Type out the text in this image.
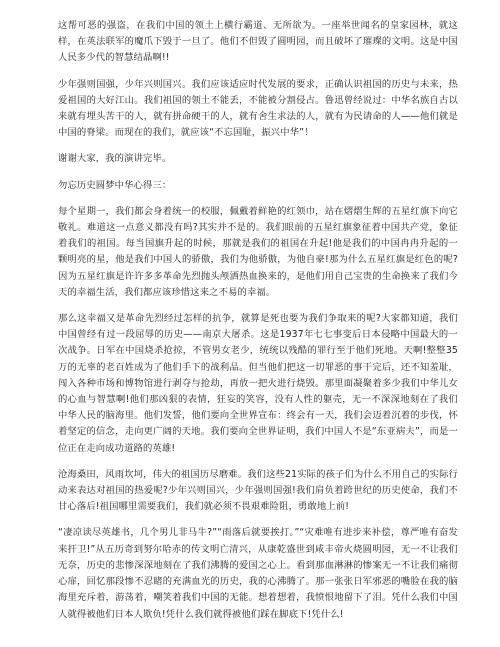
这帮可恶的强盗，在我们中国的领土上横行霸道、无所欲为。一座举世闻名的皇家园林，就这样，在英法联军的魔爪下毁于一旦了。他们不但毁了圆明园，而且破坏了璀璨的文明。这是中国人民多少代的智慧结晶啊!!

少年强则国强，少年兴则国兴。我们应该适应时代发展的要求，正确认识祖国的历史与未来，热爱祖国的大好江山。我们祖国的领土不能丢，不能被分割侵占。鲁迅曾经说过：中华名族自古以来就有埋头苦干的人，就有拼命硬干的人，就有舍生求法的人，就有为民请命的人——他们就是中国的脊梁。而现在的我们，就应该“不忘国耻，振兴中华”！

谢谢大家，我的演讲完毕。

勿忘历史圆梦中华心得三：

每个星期一，我们都会身着统一的校服，佩戴着鲜艳的红领巾，站在熠熠生辉的五星红旗下向它敬礼。难道这一点意义都没有吗?其实并不是的。我们眼前的五星红旗象征着中国共产党，象征着我们的祖国。每当国旗升起的时候，那就是我们的祖国在升起!他是我们的中国冉冉升起的一颗明亮的星，他是我们中国人的骄傲，我们为他骄傲，为他自豪!那为什么五星红旗是红色的呢?因为五星红旗是许许多多革命先烈抛头颅洒热血换来的，是他们用自己宝贵的生命换来了我们今天的幸福生活，我们都应该珍惜这来之不易的幸福。

那么这幸福又是革命先烈经过怎样的抗争，就算是死也要为我们争取来的呢?大家都知道，我们中国曾经有过一段屈辱的历史——南京大屠杀。这是1937年七七事变后日本侵略中国最大的一次战争。日军在中国烧杀抢掠，不管男女老少，统统以残酷的罪行至于他们死地。天啊!整整35万的无辜的老百姓成为了他们手下的战利品。但当他们把这一切罪恶的事干完后，还不知羞耻，闯入各种市场和博物馆进行剥夺与抢劫，再放一把火进行烧毁。那里面凝聚着多少我们中华儿女的心血与智慧啊!他们那凶狠的表情，狂妄的笑容，没有人性的躯壳，无一不深深地刻在了我们中华人民的脑海里。他们发誓，他们要向全世界宣布：终会有一天，我们会迈着沉着的步伐，怀着坚定的信念，走向更广阔的天地。我们要向全世界证明，我们中国人不是“东亚病夫”，而是一位正在走向成功道路的英雄!

沧海桑田，风雨坎坷，伟大的祖国历尽磨难。我们这些21实际的孩子们为什么不用自己的实际行动来表达对祖国的热爱呢?少年兴则国兴，少年强则国强!我们肩负着跨世纪的历史使命，我们不甘心落后!祖国哪里需要我们，我们就必须不畏艰难险阻，勇敢地上前!

“凄凉读尽英雄书，几个男儿非马牛?”“雨落后就要挨打。”“灾难唯有进步来补偿，尊严唯有奋发来扞卫!”从五历奇到努尔哈赤的传文明亡清兴，从康乾盛世到咸丰帝火烧圆明园，无一不让我们无奈，历史的悲惨深深地刻在了我们沸腾的爱国之心上。看到那血淋淋的惨案无一不让我们痛彻心扉，回忆那段惨不忍睹的充满血光的历史，我的心沸腾了。那一张张日军邪恶的嘴脸在我的脑海里充斥着，游荡着，嘲笑着我们中国的无能。想着想着，我愤恨地留下了泪。凭什么我们中国人就得被他们日本人欺负!凭什么我们就得被他们踩在脚底下!凭什么!
